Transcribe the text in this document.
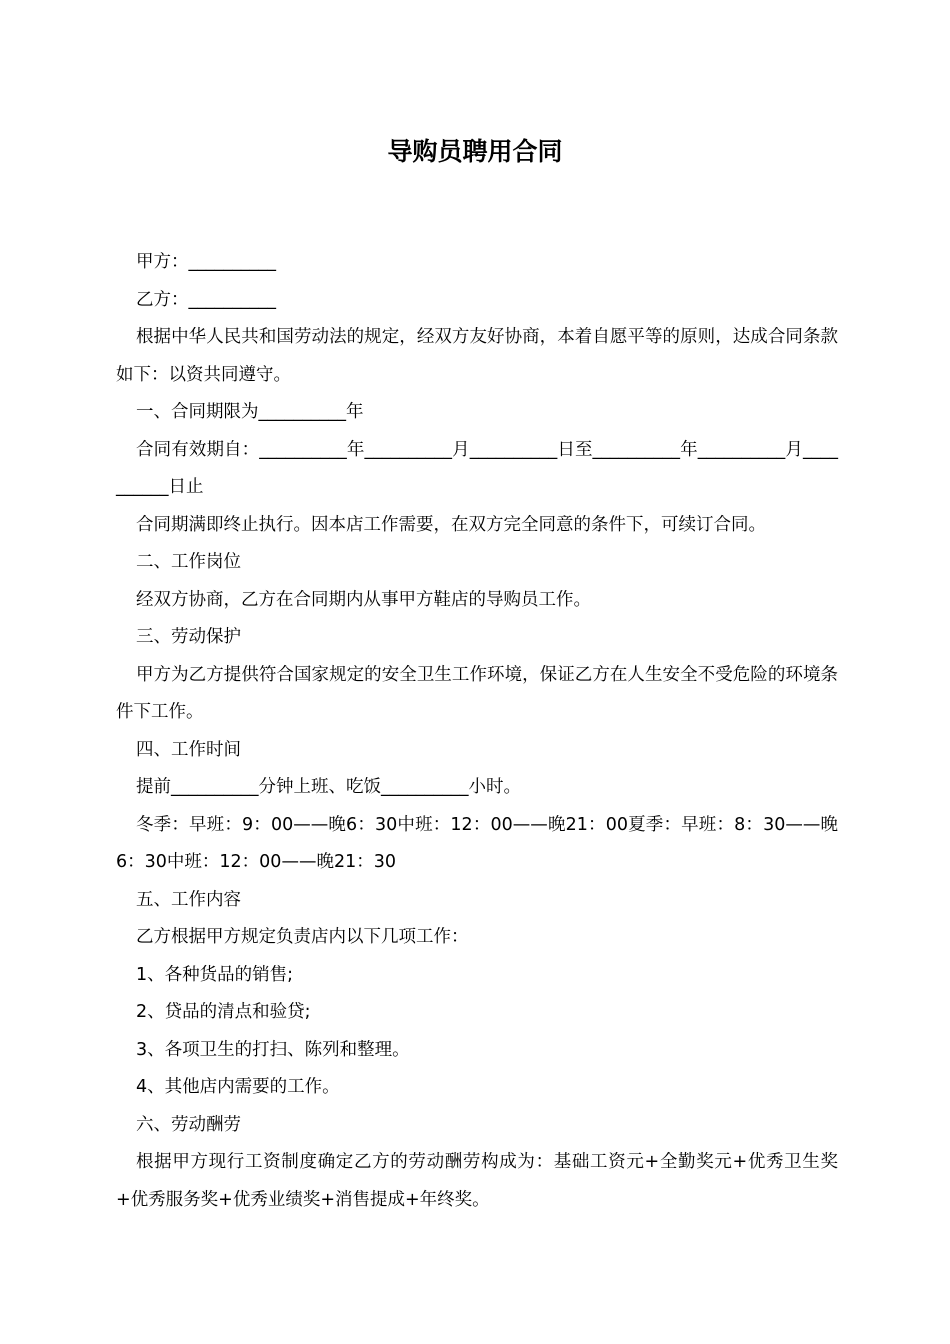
导购员聘用合同

甲方：__________

乙方：__________

根据中华人民共和国劳动法的规定，经双方友好协商，本着自愿平等的原则，达成合同条款如下：以资共同遵守。

一、合同期限为__________年

合同有效期自：__________年__________月__________日至__________年__________月__________日止

合同期满即终止执行。因本店工作需要，在双方完全同意的条件下，可续订合同。

二、工作岗位

经双方协商，乙方在合同期内从事甲方鞋店的导购员工作。

三、劳动保护

甲方为乙方提供符合国家规定的安全卫生工作环境，保证乙方在人生安全不受危险的环境条件下工作。

四、工作时间

提前__________分钟上班、吃饭__________小时。

冬季：早班：9：00——晚6：30中班：12：00——晚21：00夏季：早班：8：30——晚6：30中班：12：00——晚21：30

五、工作内容

乙方根据甲方规定负责店内以下几项工作：

1、各种货品的销售;

2、贷品的清点和验贷;

3、各项卫生的打扫、陈列和整理。

4、其他店内需要的工作。

六、劳动酬劳

根据甲方现行工资制度确定乙方的劳动酬劳构成为：基础工资元+全勤奖元+优秀卫生奖+优秀服务奖+优秀业绩奖+消售提成+年终奖。
